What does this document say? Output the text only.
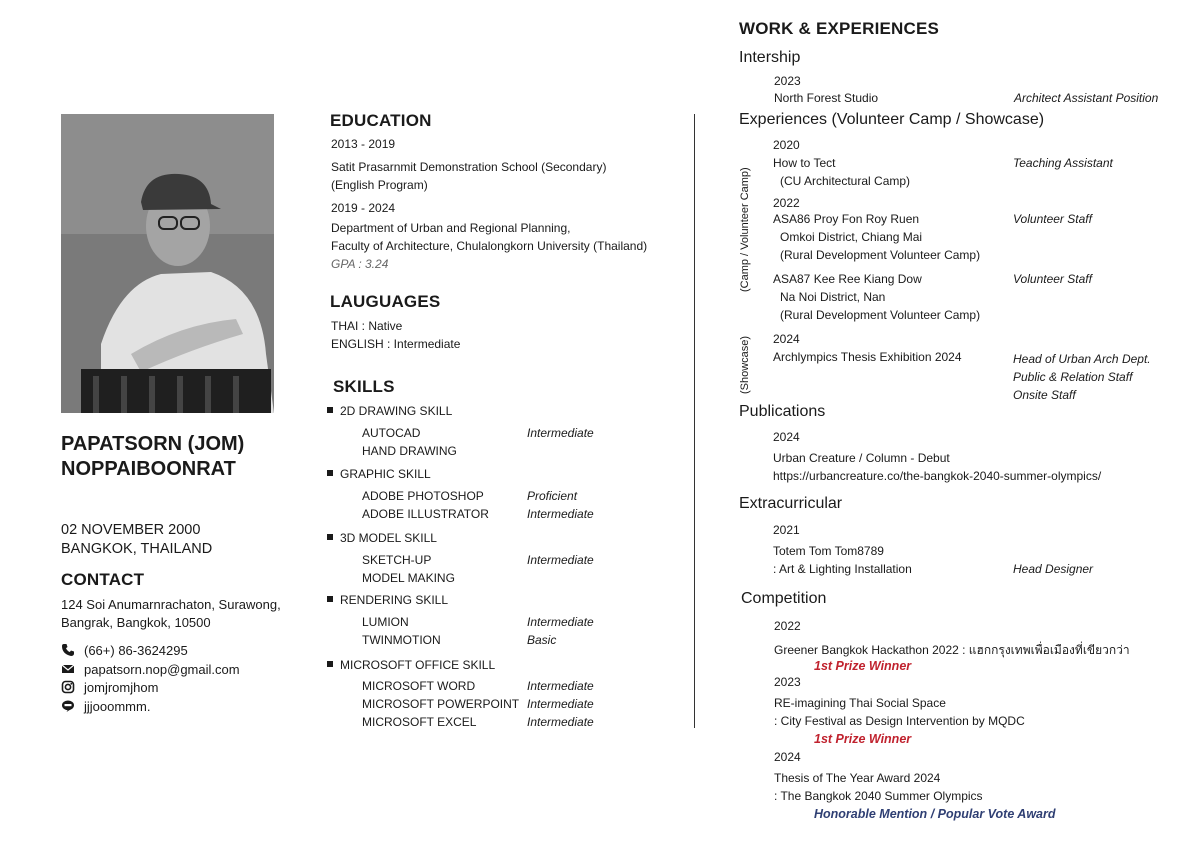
PAPATSORN (JOM)
NOPPAIBOONRAT
02 NOVEMBER 2000
BANGKOK, THAILAND
CONTACT
124 Soi Anumarnrachaton, Surawong,
Bangrak, Bangkok, 10500
(66+) 86-3624295
papatsorn.nop@gmail.com
jomjromjhom
jjjooommm.
EDUCATION
2013 - 2019
Satit Prasarnmit Demonstration School (Secondary)
(English Program)
2019 - 2024
Department of Urban and Regional Planning,
Faculty of Architecture, Chulalongkorn University (Thailand)
GPA : 3.24
LAUGUAGES
THAI : Native
ENGLISH : Intermediate
SKILLS
2D DRAWING SKILL
AUTOCAD	Intermediate
HAND DRAWING
GRAPHIC SKILL
ADOBE PHOTOSHOP	Proficient
ADOBE ILLUSTRATOR	Intermediate
3D MODEL SKILL
SKETCH-UP	Intermediate
MODEL MAKING
RENDERING SKILL
LUMION	Intermediate
TWINMOTION	Basic
MICROSOFT OFFICE SKILL
MICROSOFT WORD	Intermediate
MICROSOFT POWERPOINT Intermediate
MICROSOFT EXCEL	Intermediate
WORK & EXPERIENCES
Intership
2023
North Forest Studio	Architect Assistant Position
Experiences (Volunteer Camp / Showcase)
(Camp / Volunteer Camp)
(Showcase)
2020
How to Tect	Teaching Assistant
(CU Architectural Camp)
2022
ASA86 Proy Fon Roy Ruen	Volunteer Staff
Omkoi District, Chiang Mai
(Rural Development Volunteer Camp)
ASA87 Kee Ree Kiang Dow	Volunteer Staff
Na Noi District, Nan
(Rural Development Volunteer Camp)
2024
Archlympics Thesis Exhibition 2024	Head of Urban Arch Dept.
Public & Relation Staff
Onsite Staff
Publications
2024
Urban Creature / Column - Debut
https://urbancreature.co/the-bangkok-2040-summer-olympics/
Extracurricular
2021
Totem Tom Tom8789
: Art & Lighting Installation	Head Designer
Competition
2022
Greener Bangkok Hackathon 2022 : แฮกกรุงเทพเพื่อเมืองที่เขียวกว่า
1st Prize Winner
2023
RE-imagining Thai Social Space
: City Festival as Design Intervention by MQDC
1st Prize Winner
2024
Thesis of The Year Award 2024
: The Bangkok 2040 Summer Olympics
Honorable Mention / Popular Vote Award
